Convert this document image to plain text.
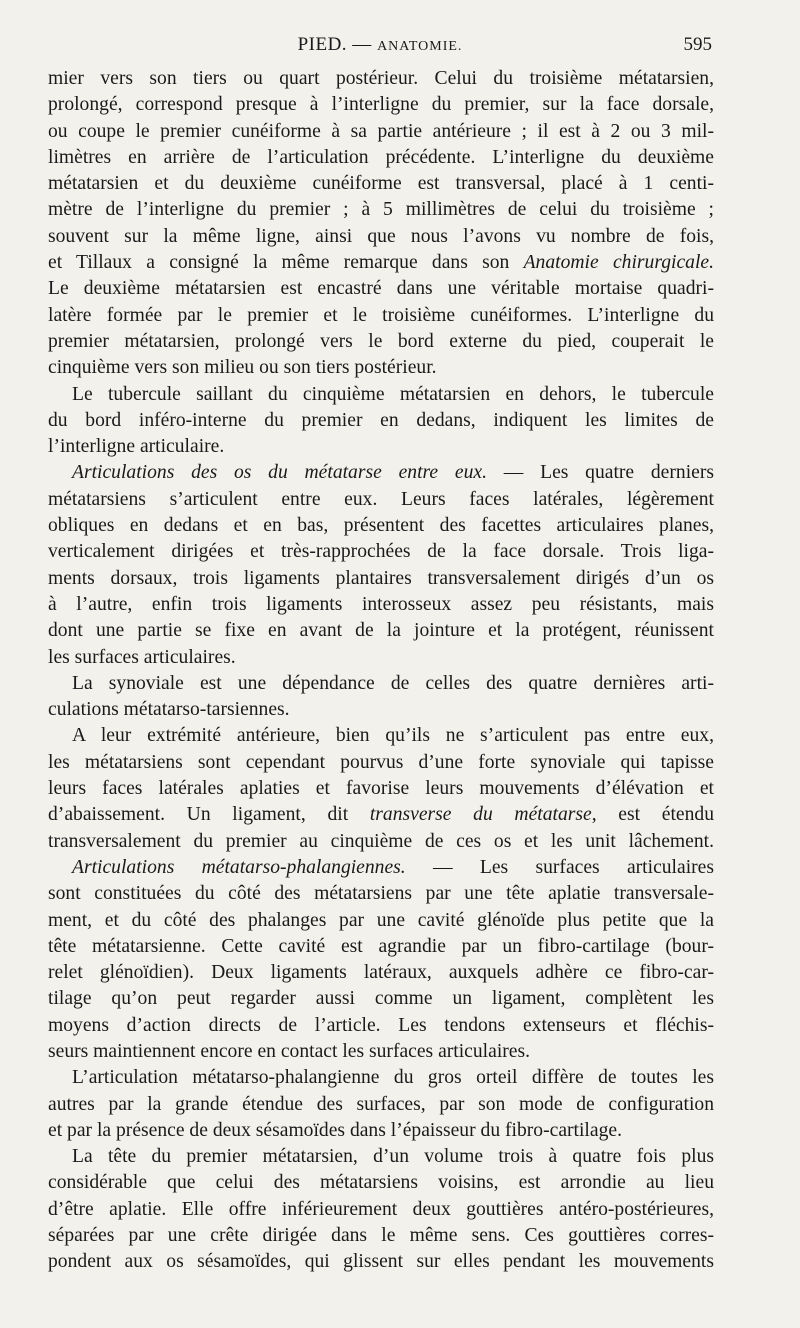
PIED. — ANATOMIE.	595
mier vers son tiers ou quart postérieur. Celui du troisième métatarsien,
prolongé, correspond presque à l’interligne du premier, sur la face dorsale,
ou coupe le premier cunéiforme à sa partie antérieure ; il est à 2 ou 3 mil-
limètres en arrière de l’articulation précédente. L’interligne du deuxième
métatarsien et du deuxième cunéiforme est transversal, placé à 1 centi-
mètre de l’interligne du premier ; à 5 millimètres de celui du troisième ;
souvent sur la même ligne, ainsi que nous l’avons vu nombre de fois,
et Tillaux a consigné la même remarque dans son Anatomie chirurgicale.
Le deuxième métatarsien est encastré dans une véritable mortaise quadri-
latère formée par le premier et le troisième cunéiformes. L’interligne du
premier métatarsien, prolongé vers le bord externe du pied, couperait le
cinquième vers son milieu ou son tiers postérieur.
Le tubercule saillant du cinquième métatarsien en dehors, le tubercule
du bord inféro-interne du premier en dedans, indiquent les limites de
l’interligne articulaire.
Articulations des os du métatarse entre eux. — Les quatre derniers
métatarsiens s’articulent entre eux. Leurs faces latérales, légèrement
obliques en dedans et en bas, présentent des facettes articulaires planes,
verticalement dirigées et très-rapprochées de la face dorsale. Trois liga-
ments dorsaux, trois ligaments plantaires transversalement dirigés d’un os
à l’autre, enfin trois ligaments interosseux assez peu résistants, mais
dont une partie se fixe en avant de la jointure et la protégent, réunissent
les surfaces articulaires.
La synoviale est une dépendance de celles des quatre dernières arti-
culations métatarso-tarsiennes.
A leur extrémité antérieure, bien qu’ils ne s’articulent pas entre eux,
les métatarsiens sont cependant pourvus d’une forte synoviale qui tapisse
leurs faces latérales aplaties et favorise leurs mouvements d’élévation et
d’abaissement. Un ligament, dit transverse du métatarse, est étendu
transversalement du premier au cinquième de ces os et les unit lâchement.
Articulations métatarso-phalangiennes. — Les surfaces articulaires
sont constituées du côté des métatarsiens par une tête aplatie transversale-
ment, et du côté des phalanges par une cavité glénoïde plus petite que la
tête métatarsienne. Cette cavité est agrandie par un fibro-cartilage (bour-
relet glénoïdien). Deux ligaments latéraux, auxquels adhère ce fibro-car-
tilage qu’on peut regarder aussi comme un ligament, complètent les
moyens d’action directs de l’article. Les tendons extenseurs et fléchis-
seurs maintiennent encore en contact les surfaces articulaires.
L’articulation métatarso-phalangienne du gros orteil diffère de toutes les
autres par la grande étendue des surfaces, par son mode de configuration
et par la présence de deux sésamoïdes dans l’épaisseur du fibro-cartilage.
La tête du premier métatarsien, d’un volume trois à quatre fois plus
considérable que celui des métatarsiens voisins, est arrondie au lieu
d’être aplatie. Elle offre inférieurement deux gouttières antéro-postérieures,
séparées par une crête dirigée dans le même sens. Ces gouttières corres-
pondent aux os sésamoïdes, qui glissent sur elles pendant les mouvements
